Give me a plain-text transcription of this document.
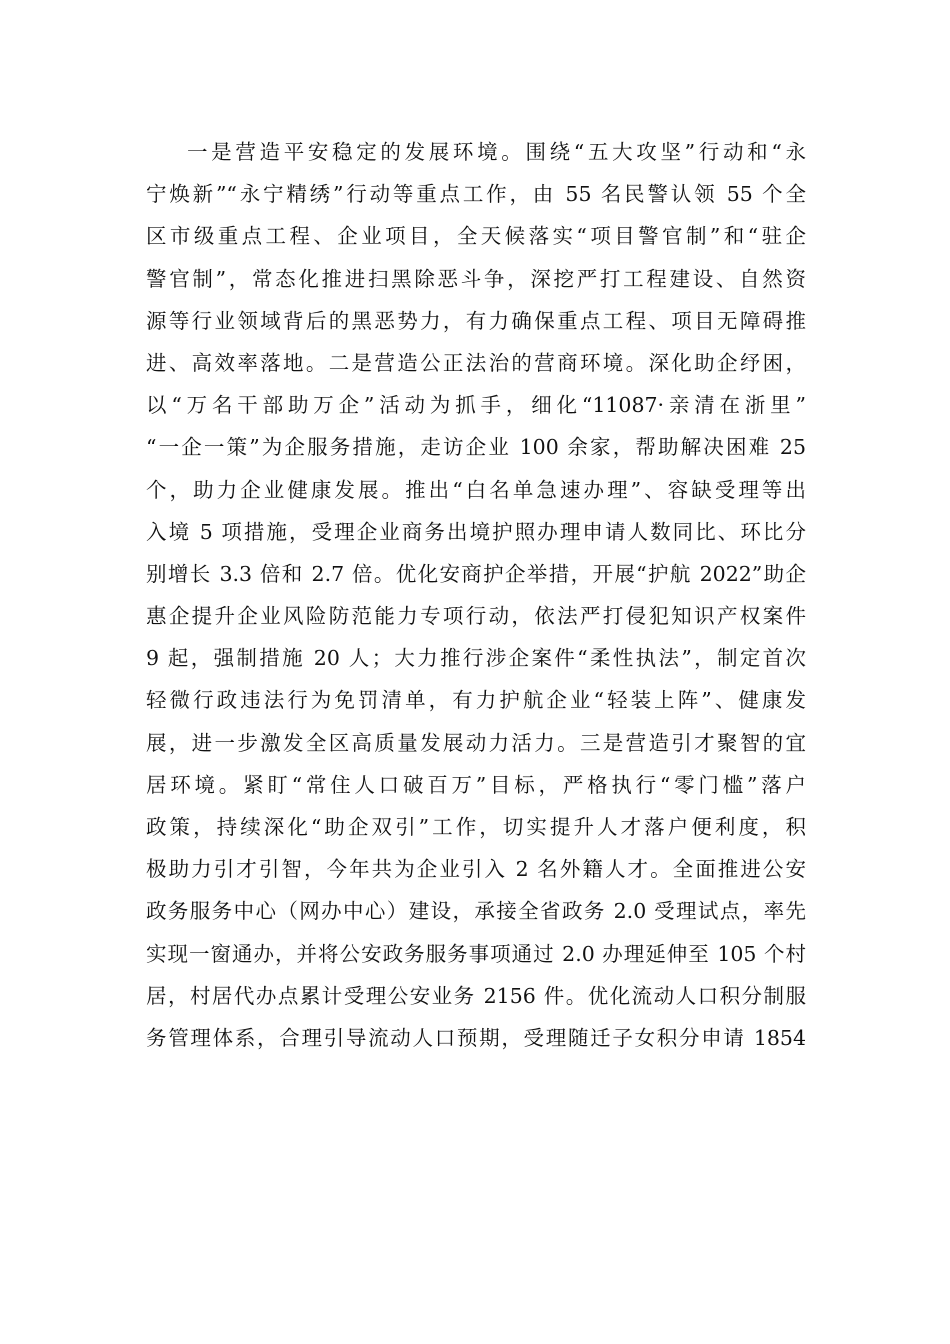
一是营造平安稳定的发展环境。围绕“五大攻坚”行动和“永
宁焕新”“永宁精绣”行动等重点工作，由 55 名民警认领 55 个全
区市级重点工程、企业项目，全天候落实“项目警官制”和“驻企
警官制”，常态化推进扫黑除恶斗争，深挖严打工程建设、自然资
源等行业领域背后的黑恶势力，有力确保重点工程、项目无障碍推
进、高效率落地。二是营造公正法治的营商环境。深化助企纾困，
以“万名干部助万企”活动为抓手，细化“11087·亲清在浙里”
“一企一策”为企服务措施，走访企业 100 余家，帮助解决困难 25
个，助力企业健康发展。推出“白名单急速办理”、容缺受理等出
入境 5 项措施，受理企业商务出境护照办理申请人数同比、环比分
别增长 3.3 倍和 2.7 倍。优化安商护企举措，开展“护航 2022”助企
惠企提升企业风险防范能力专项行动，依法严打侵犯知识产权案件
9 起，强制措施 20 人；大力推行涉企案件“柔性执法”，制定首次
轻微行政违法行为免罚清单，有力护航企业“轻装上阵”、健康发
展，进一步激发全区高质量发展动力活力。三是营造引才聚智的宜
居环境。紧盯“常住人口破百万”目标，严格执行“零门槛”落户
政策，持续深化“助企双引”工作，切实提升人才落户便利度，积
极助力引才引智，今年共为企业引入 2 名外籍人才。全面推进公安
政务服务中心（网办中心）建设，承接全省政务 2.0 受理试点，率先
实现一窗通办，并将公安政务服务事项通过 2.0 办理延伸至 105 个村
居，村居代办点累计受理公安业务 2156 件。优化流动人口积分制服
务管理体系，合理引导流动人口预期，受理随迁子女积分申请 1854
